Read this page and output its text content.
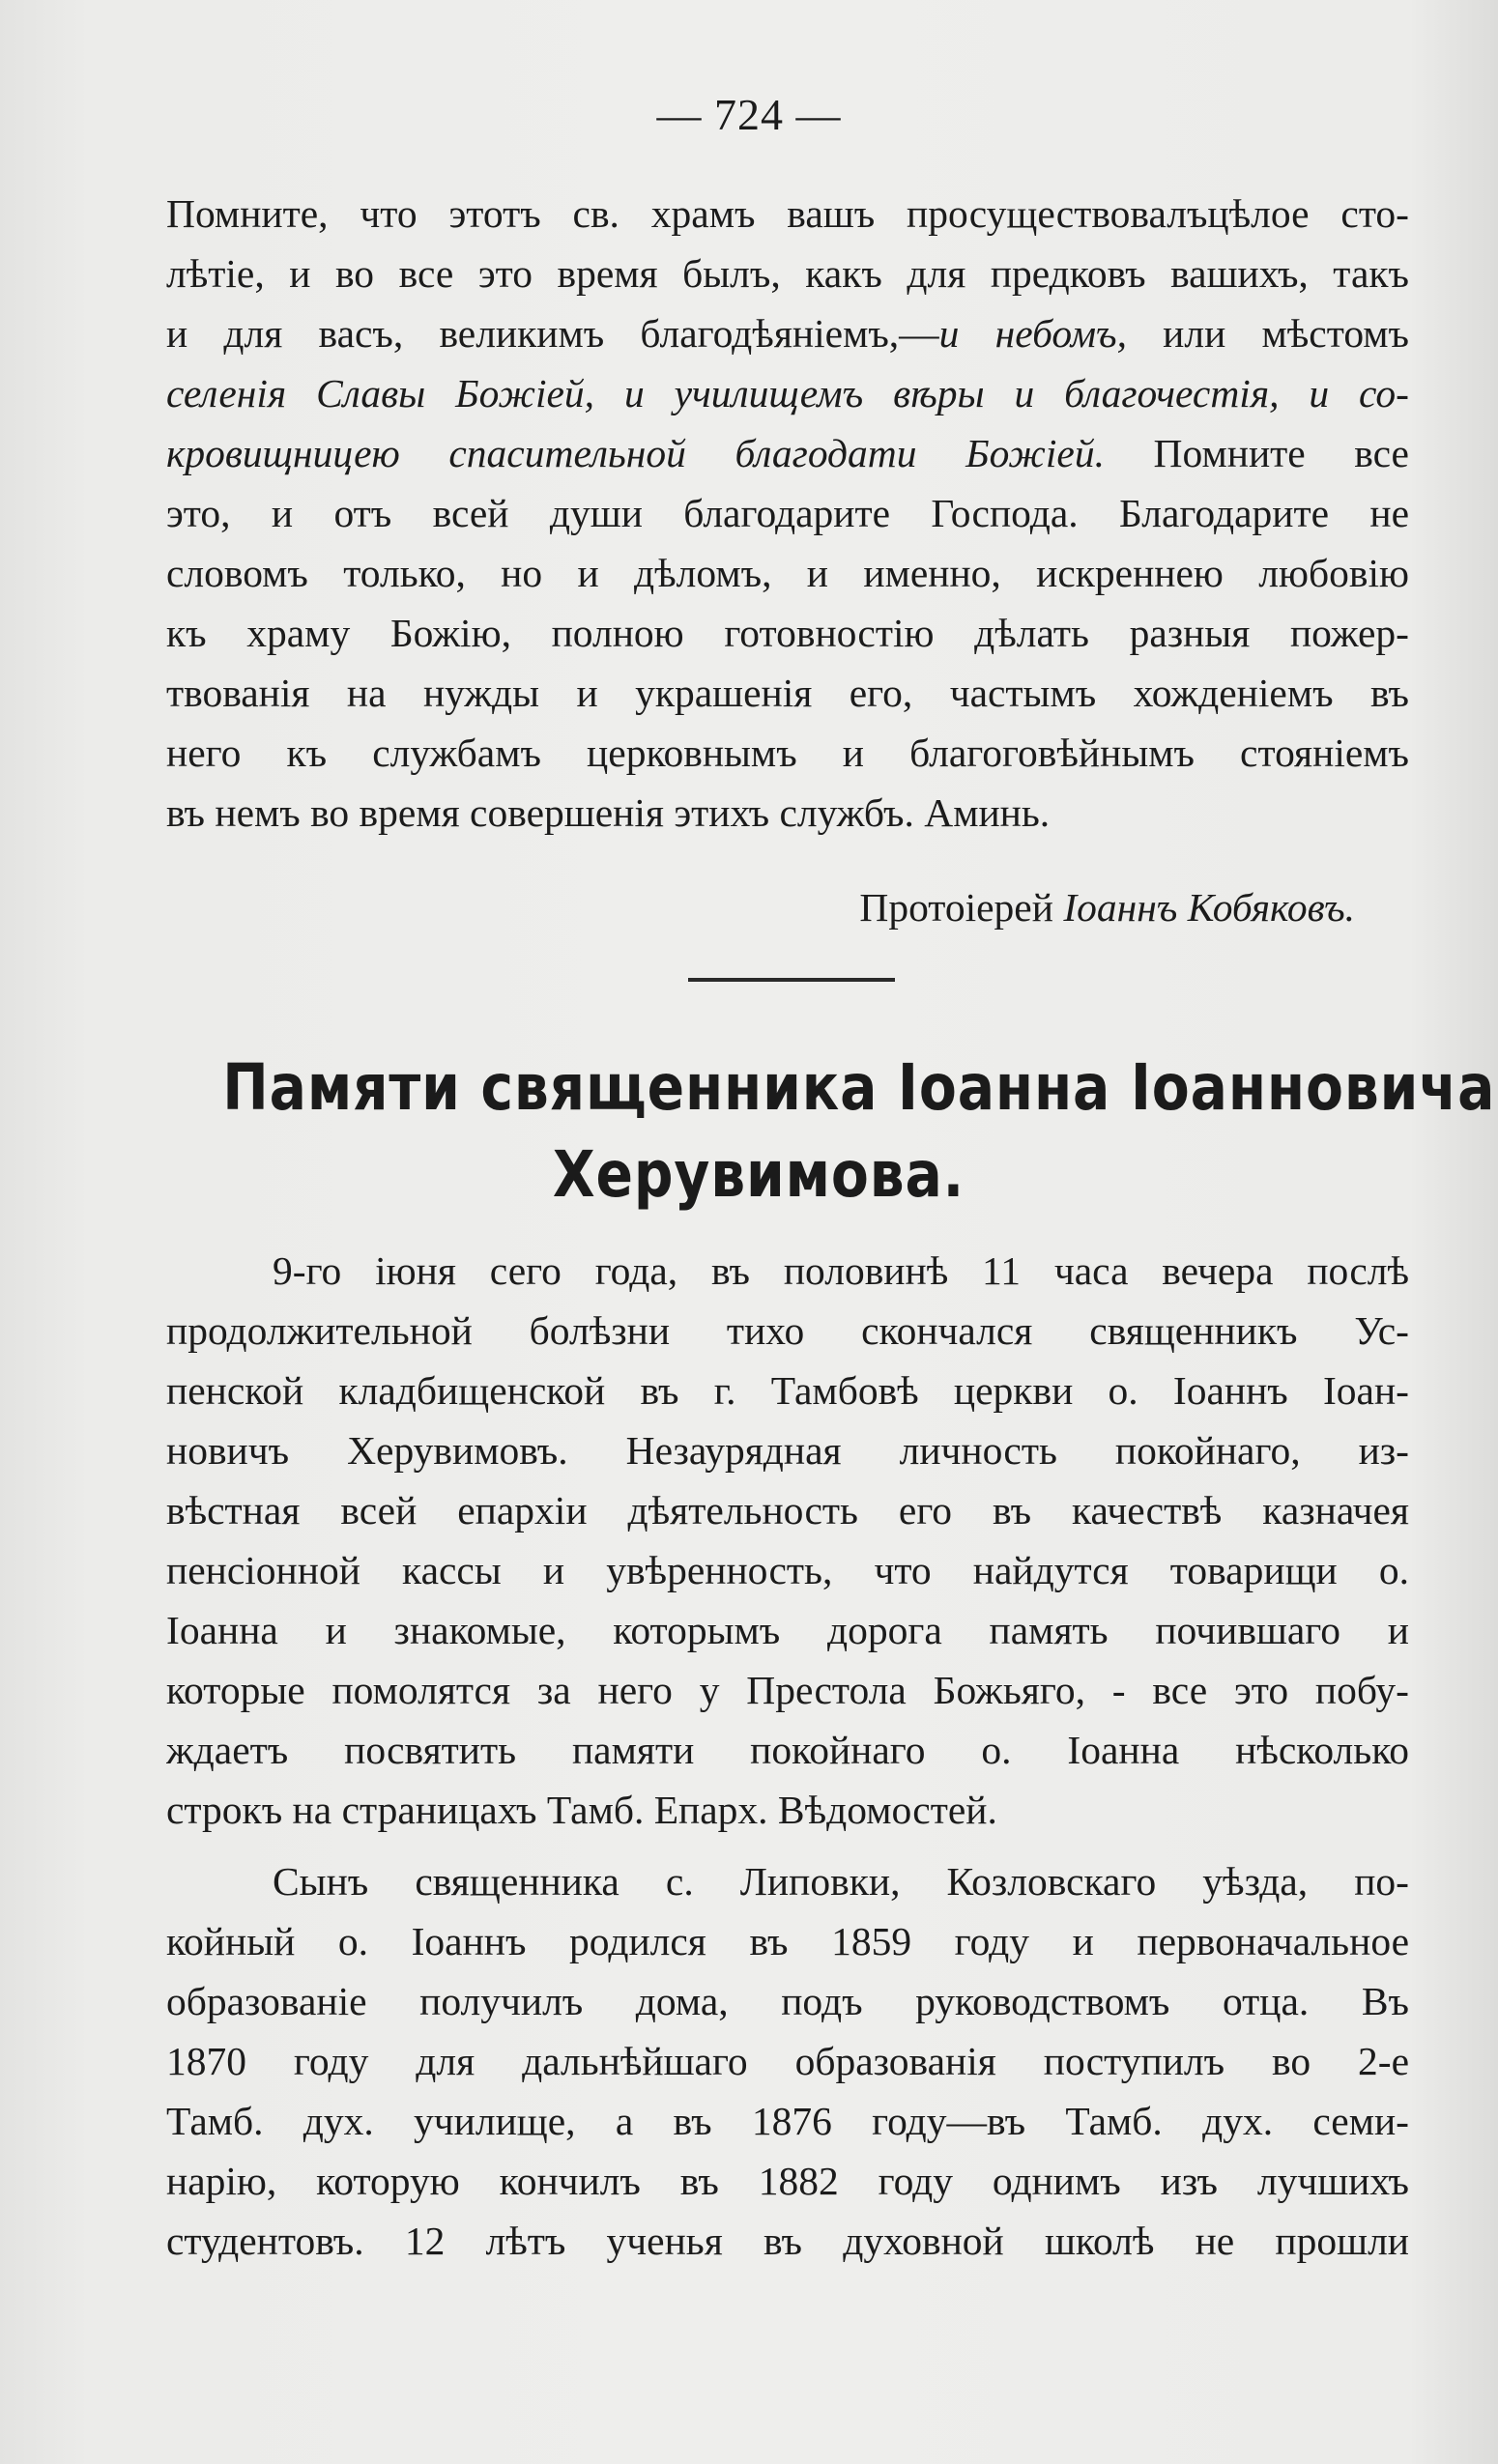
— 724 —
Помните, что этотъ св. храмъ вашъ просуществовалъцѣлое сто-
лѣтіе, и во все это время былъ, какъ для предковъ вашихъ, такъ
и для васъ, великимъ благодѣяніемъ,—и небомъ, или мѣстомъ
селенія Славы Божіей, и училищемъ вѣры и благочестія, и со-
кровищницею спасительной благодати Божіей. Помните все
это, и отъ всей души благодарите Господа. Благодарите не
словомъ только, но и дѣломъ, и именно, искреннею любовію
къ храму Божію, полною готовностію дѣлать разныя пожер-
твованія на нужды и украшенія его, частымъ хожденіемъ въ
него къ службамъ церковнымъ и благоговѣйнымъ стояніемъ
въ немъ во время совершенія этихъ службъ. Аминь.
Протоіерей Іоаннъ Кобяковъ.
Памяти священника Іоанна Іоанновича
Херувимова.
9-го іюня сего года, въ половинѣ 11 часа вечера послѣ
продолжительной болѣзни тихо скончался священникъ Ус-
пенской кладбищенской въ г. Тамбовѣ церкви о. Іоаннъ Іоан-
новичъ Херувимовъ. Незаурядная личность покойнаго, из-
вѣстная всей епархіи дѣятельность его въ качествѣ казначея
пенсіонной кассы и увѣренность, что найдутся товарищи о.
Іоанна и знакомые, которымъ дорога память почившаго и
которые помолятся за него у Престола Божьяго, - все это побу-
ждаетъ посвятить памяти покойнаго о. Іоанна нѣсколько
строкъ на страницахъ Тамб. Епарх. Вѣдомостей.
Сынъ священника с. Липовки, Козловскаго уѣзда, по-
койный о. Іоаннъ родился въ 1859 году и первоначальное
образованіе получилъ дома, подъ руководствомъ отца. Въ
1870 году для дальнѣйшаго образованія поступилъ во 2-е
Тамб. дух. училище, а въ 1876 году—въ Тамб. дух. семи-
нарію, которую кончилъ въ 1882 году однимъ изъ лучшихъ
студентовъ. 12 лѣтъ ученья въ духовной школѣ не прошли
